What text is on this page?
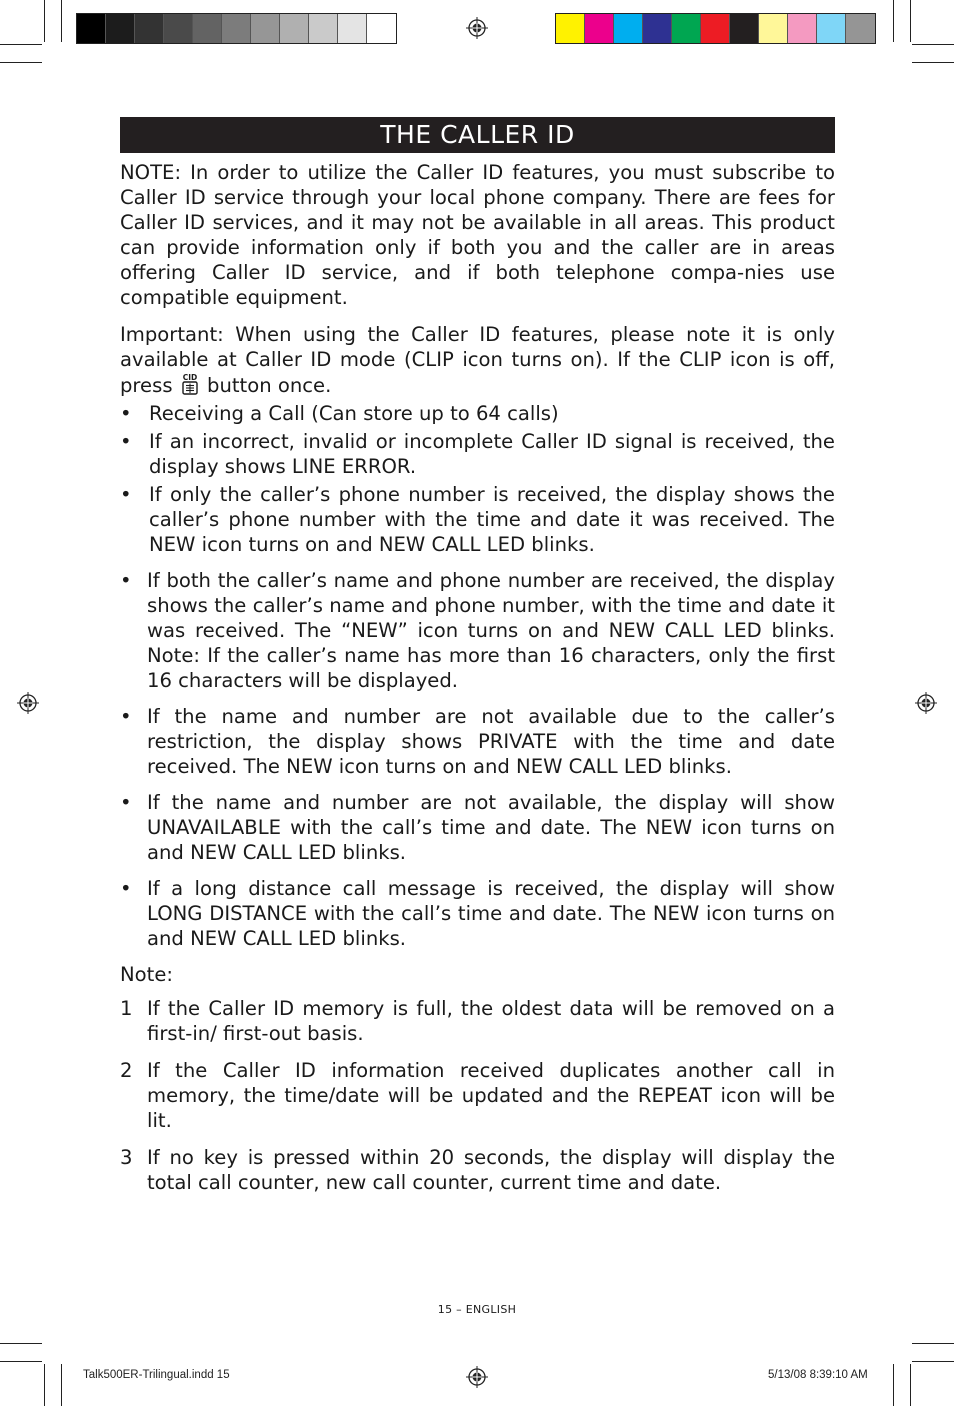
THE CALLER ID

NOTE: In order to utilize the Caller ID features, you must subscribe to Caller ID service through your local phone company. There are fees for Caller ID services, and it may not be available in all areas. This product can provide information only if both you and the caller are in areas offering Caller ID service, and if both telephone compa-nies use compatible equipment.

Important: When using the Caller ID features, please note it is only available at Caller ID mode (CLIP icon turns on). If the CLIP icon is off, press CID button once.

• Receiving a Call (Can store up to 64 calls)
• If an incorrect, invalid or incomplete Caller ID signal is received, the display shows LINE ERROR.
• If only the caller’s phone number is received, the display shows the caller’s phone number with the time and date it was received. The NEW icon turns on and NEW CALL LED blinks.
• If both the caller’s name and phone number are received, the display shows the caller’s name and phone number, with the time and date it was received. The “NEW” icon turns on and NEW CALL LED blinks. Note: If the caller’s name has more than 16 characters, only the first 16 characters will be displayed.
• If the name and number are not available due to the caller’s restriction, the display shows PRIVATE with the time and date received. The NEW icon turns on and NEW CALL LED blinks.
• If the name and number are not available, the display will show UNAVAILABLE with the call’s time and date. The NEW icon turns on and NEW CALL LED blinks.
• If a long distance call message is received, the display will show LONG DISTANCE with the call’s time and date. The NEW icon turns on and NEW CALL LED blinks.
Note:
1 If the Caller ID memory is full, the oldest data will be removed on a first-in/ first-out basis.
2 If the Caller ID information received duplicates another call in memory, the time/date will be updated and the REPEAT icon will be lit.
3 If no key is pressed within 20 seconds, the display will display the total call counter, new call counter, current time and date.
15 – ENGLISH
Talk500ER-Trilingual.indd 15	5/13/08 8:39:10 AM
